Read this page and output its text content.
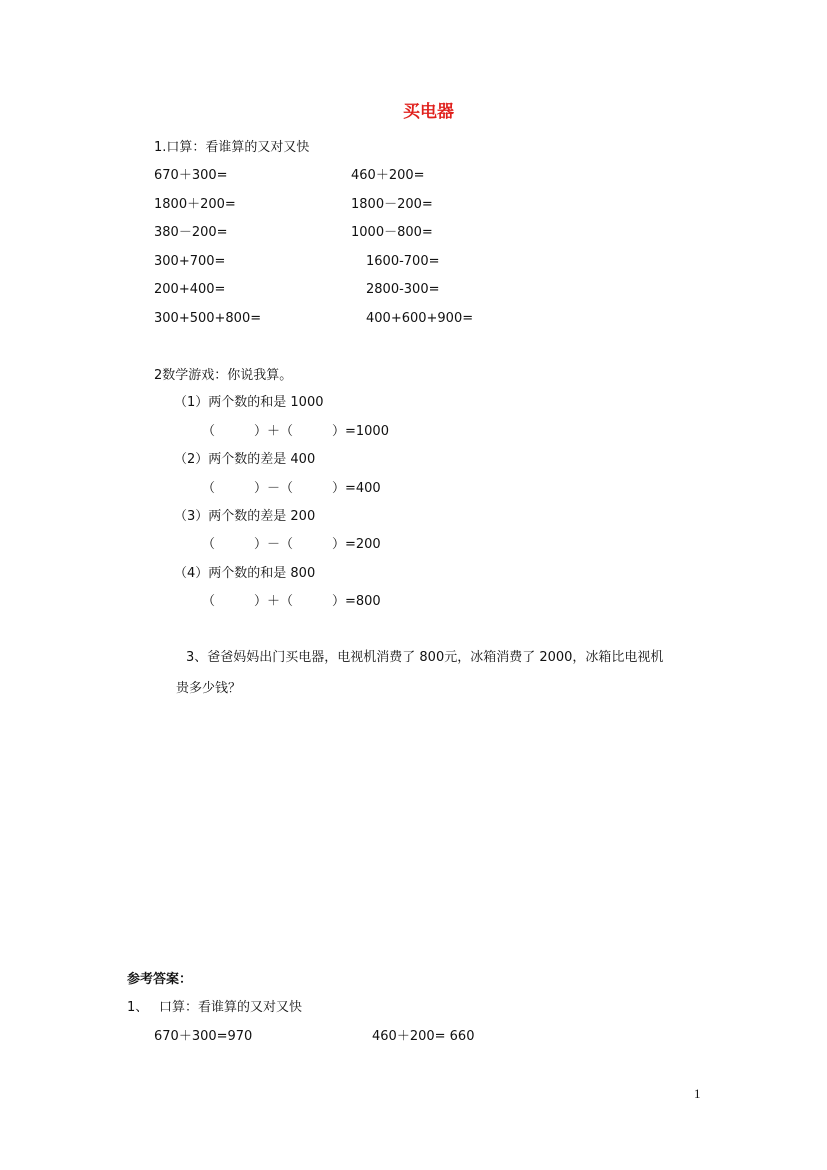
买电器
1.口算：看谁算的又对又快
670＋300=	460＋200=
1800＋200=	1800－200=
380－200=	1000－800=
300+700=	1600-700=
200+400=	2800-300=
300+500+800=	400+600+900=
2数学游戏：你说我算。
（1）两个数的和是 1000
（　　　）＋（　　　）=1000
（2）两个数的差是 400
（　　　）－（　　　）=400
（3）两个数的差是 200
（　　　）－（　　　）=200
（4）两个数的和是 800
（　　　）＋（　　　）=800
3、爸爸妈妈出门买电器，电视机消费了 800元，冰箱消费了 2000，冰箱比电视机
贵多少钱？
参考答案：
1、 口算：看谁算的又对又快
670＋300=970	460＋200= 660
1
